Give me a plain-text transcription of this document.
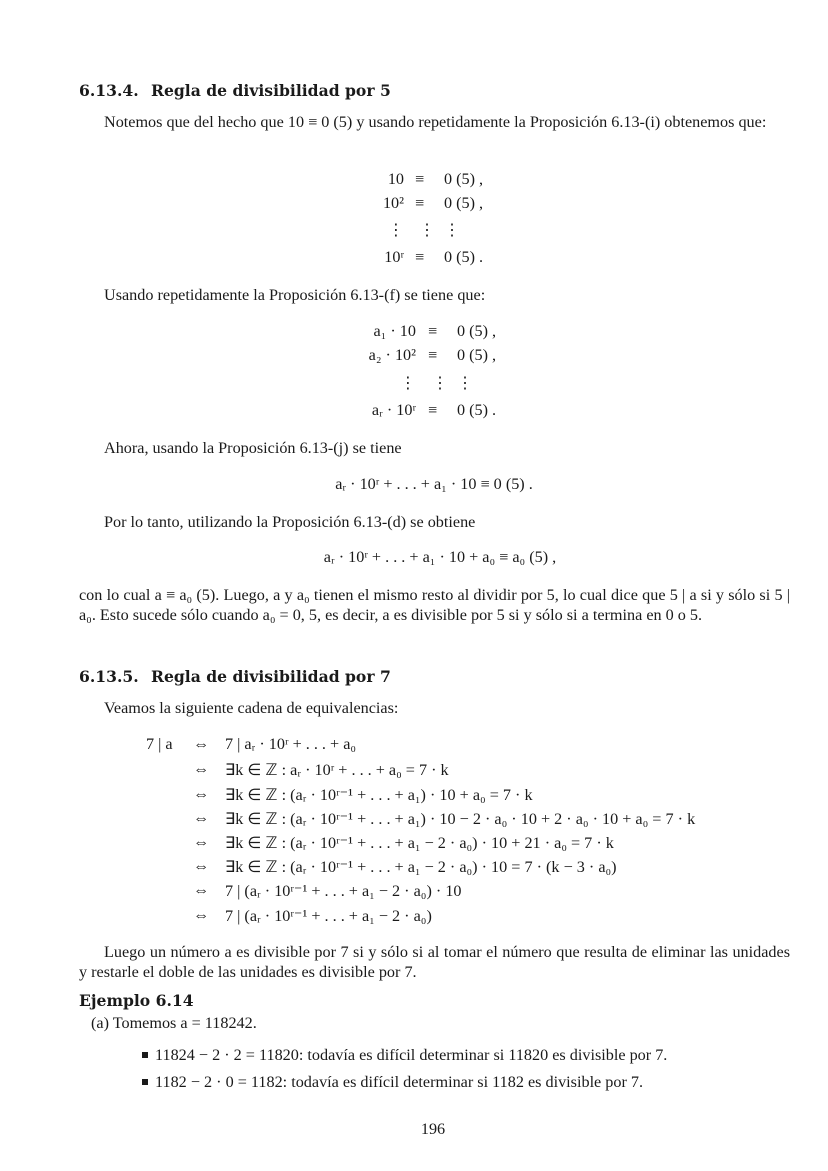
6.13.4. Regla de divisibilidad por 5
Notemos que del hecho que 10 ≡ 0 (5) y usando repetidamente la Proposición 6.13-(i) obtenemos que:
10 ≡ 0 (5) ,
10² ≡ 0 (5) ,
⋮ ⋮ ⋮
10ʳ ≡ 0 (5) .
Usando repetidamente la Proposición 6.13-(f) se tiene que:
a₁ · 10 ≡ 0 (5) ,
a₂ · 10² ≡ 0 (5) ,
⋮ ⋮ ⋮
aᵣ · 10ʳ ≡ 0 (5) .
Ahora, usando la Proposición 6.13-(j) se tiene
aᵣ · 10ʳ + . . . + a₁ · 10 ≡ 0 (5) .
Por lo tanto, utilizando la Proposición 6.13-(d) se obtiene
aᵣ · 10ʳ + . . . + a₁ · 10 + a₀ ≡ a₀ (5) ,
con lo cual a ≡ a₀ (5). Luego, a y a₀ tienen el mismo resto al dividir por 5, lo cual dice que 5 | a si y sólo si 5 | a₀. Esto sucede sólo cuando a₀ = 0, 5, es decir, a es divisible por 5 si y sólo si a termina en 0 o 5.
6.13.5. Regla de divisibilidad por 7
Veamos la siguiente cadena de equivalencias:
7 | a ⇔ 7 | aᵣ · 10ʳ + . . . + a₀
⇔ ∃k ∈ ℤ : aᵣ · 10ʳ + . . . + a₀ = 7 · k
⇔ ∃k ∈ ℤ : (aᵣ · 10ʳ⁻¹ + . . . + a₁) · 10 + a₀ = 7 · k
⇔ ∃k ∈ ℤ : (aᵣ · 10ʳ⁻¹ + . . . + a₁) · 10 − 2 · a₀ · 10 + 2 · a₀ · 10 + a₀ = 7 · k
⇔ ∃k ∈ ℤ : (aᵣ · 10ʳ⁻¹ + . . . + a₁ − 2 · a₀) · 10 + 21 · a₀ = 7 · k
⇔ ∃k ∈ ℤ : (aᵣ · 10ʳ⁻¹ + . . . + a₁ − 2 · a₀) · 10 = 7 · (k − 3 · a₀)
⇔ 7 | (aᵣ · 10ʳ⁻¹ + . . . + a₁ − 2 · a₀) · 10
⇔ 7 | (aᵣ · 10ʳ⁻¹ + . . . + a₁ − 2 · a₀)
Luego un número a es divisible por 7 si y sólo si al tomar el número que resulta de eliminar las unidades y restarle el doble de las unidades es divisible por 7.
Ejemplo 6.14
(a) Tomemos a = 118242.
11824 − 2 · 2 = 11820: todavía es difícil determinar si 11820 es divisible por 7.
1182 − 2 · 0 = 1182: todavía es difícil determinar si 1182 es divisible por 7.
196
